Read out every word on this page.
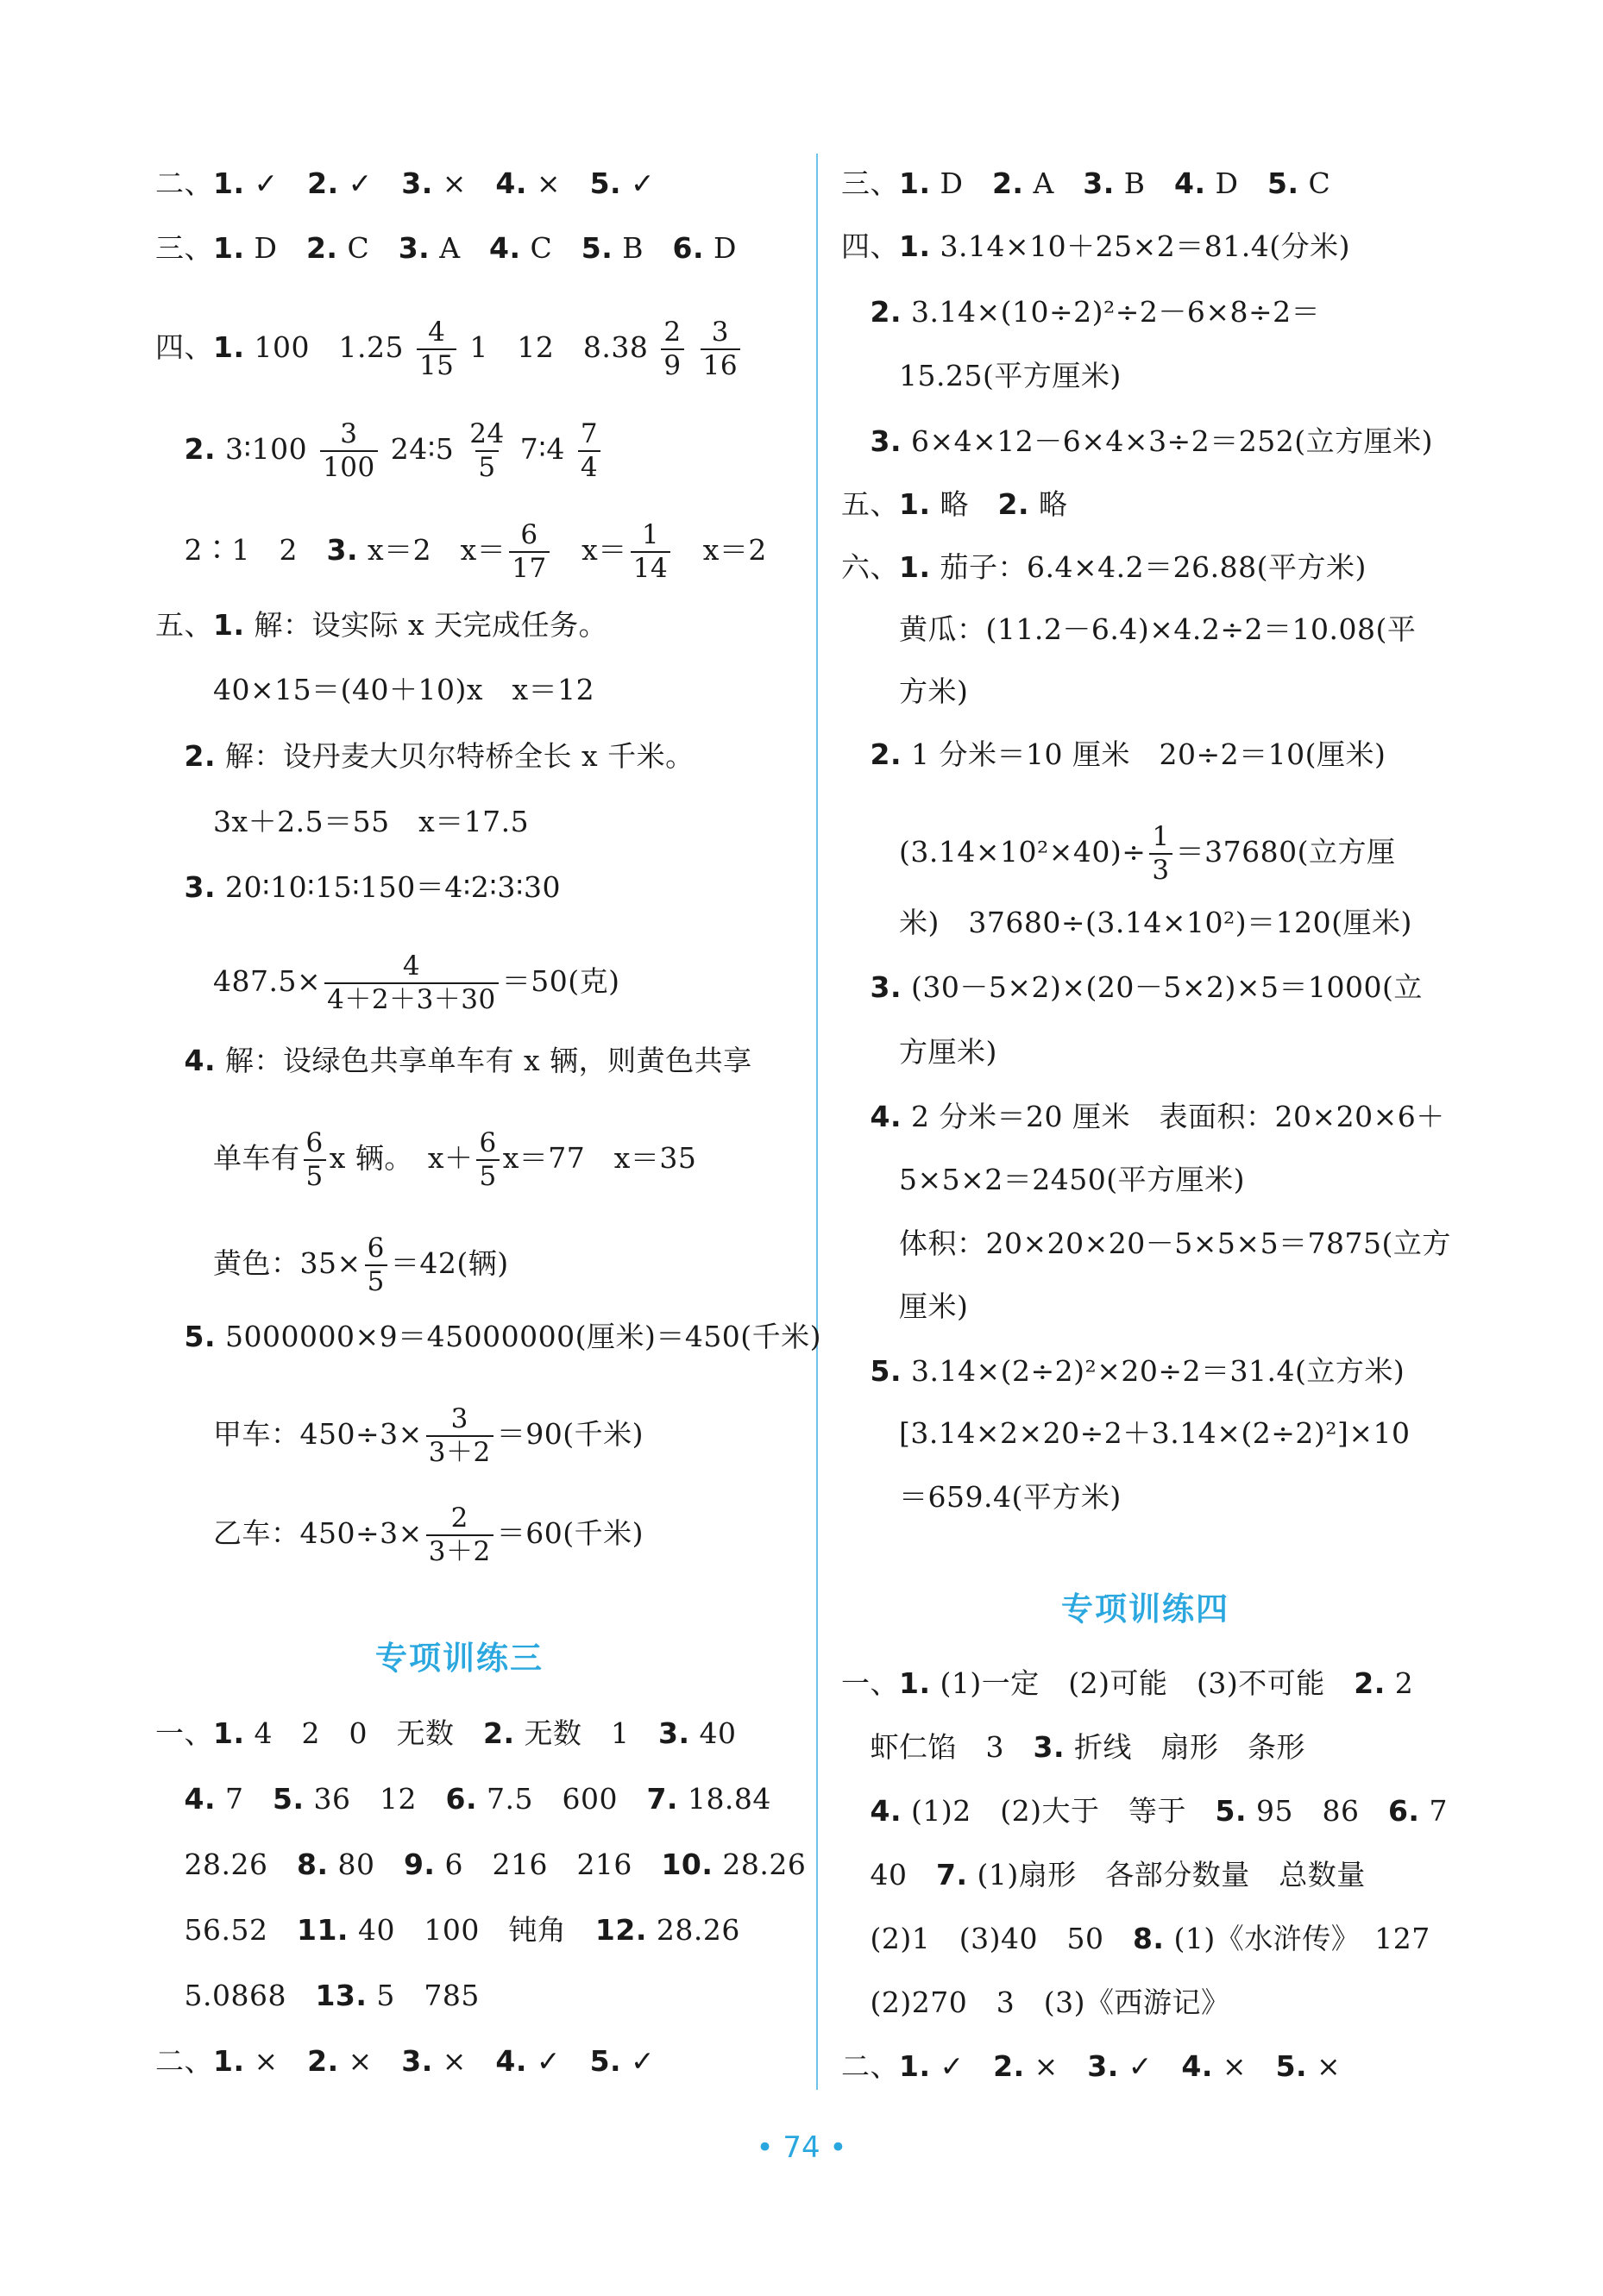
专项训练三
二、1. ✓　2. ✓　3. ×　4. ×　5. ✓
三、1. D　2. C　3. A　4. C　5. B　6. D
四、1. 100　$1.25 \frac{4}{15} 1$　12　$8.38 \frac{2}{9}$
$\frac{3}{16}$
　2. 3∶100 $\frac{3}{100}$ 24∶5 $\frac{24}{5}$ 7∶4 $\frac{7}{4}$
　2∶1　2　3. x＝2　$x= \frac{6}{17}$ 　$x= \frac{1}{14}$ 　x＝2
五、1. 解：设实际 x 天完成任务。
　　40×15＝(40＋10)x　x＝12
　2. 解：设丹麦大贝尔特桥全长 x 千米。
　　3x＋2.5＝55　x＝17.5
　3. 20∶10∶15∶150＝4∶2∶3∶30
　　$487.5\times \frac{4}{4+2+3+30} =50$(克)
　4. 解：设绿色共享单车有 x 辆，则黄色共享
　　单车有 $\frac{6}{5}$ x 辆。　$x+ \frac{6}{5} x=77$　x＝35
　　黄色：$35\times \frac{6}{5} =42$(辆)
　5. 5000000×9＝45000000(厘米)＝450(千米)
　　甲车：$450\div 3\times \frac{3}{3+2} =90$(千米)
　　乙车：$450\div 3\times \frac{2}{3+2} =60$(千米)
一、1. 4　2　0　无数　2. 无数　1　3. 40
　4. 7　5. 36　12　6. 7.5　600　7. 18.84
　28.26　8. 80　9. 6　216　216　10. 28.26
　56.52　11. 40　100　钝角　12. 28.26
　5.0868　13. 5　785
二、1. ×　2. ×　3. ×　4. ✓　5. ✓
专项训练四
三、1. D　2. A　3. B　4. D　5. C
四、1. 3.14×10＋25×2＝81.4(分米)
　2. 3.14×(10÷2)²÷2－6×8÷2＝
　　15.25(平方厘米)
　3. 6×4×12－6×4×3÷2＝252(立方厘米)
五、1. 略　2. 略
六、1. 茄子：6.4×4.2＝26.88(平方米)
　　黄瓜：(11.2－6.4)×4.2÷2＝10.08(平
　　方米)
　2. 1 分米＝10 厘米　20÷2＝10(厘米)
　　$(3.14\times 10^2\times 40)\div \frac{1}{3} =37680$(立方厘
　　米)　37680÷(3.14×10²)＝120(厘米)
　3. (30－5×2)×(20－5×2)×5＝1000(立
　　方厘米)
　4. 2 分米＝20 厘米　表面积：20×20×6＋
　　5×5×2＝2450(平方厘米)
　　体积：20×20×20－5×5×5＝7875(立方
　　厘米)
　5. 3.14×(2÷2)²×20÷2＝31.4(立方米)
　　[3.14×2×20÷2＋3.14×(2÷2)²]×10
　　＝659.4(平方米)
一、1. (1)一定　(2)可能　(3)不可能　2. 2
　虾仁馅　3　3. 折线　扇形　条形
　4. (1)2　(2)大于　等于　5. 95　86　6. 7
　40　7. (1)扇形　各部分数量　总数量
　(2)1　(3)40　50　8. (1)《水浒传》　127
　(2)270　3　(3)《西游记》
二、1. ✓　2. ×　3. ✓　4. ×　5. ×
• 74 •
